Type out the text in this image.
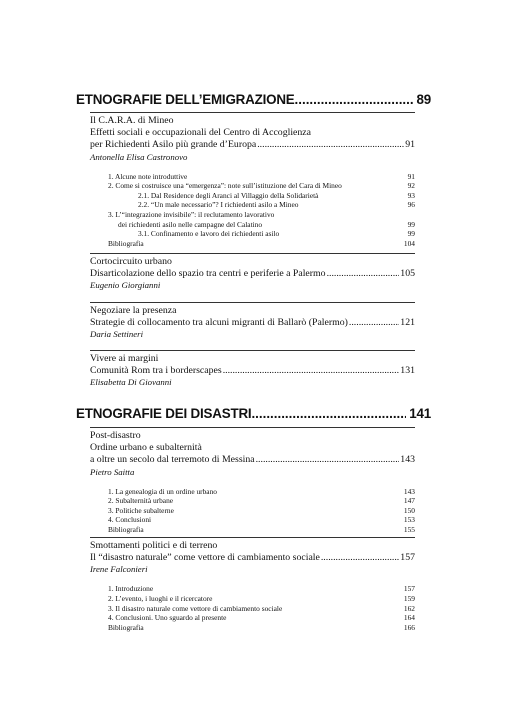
ETNOGRAFIE DELL’EMIGRAZIONE .....	89
Il C.A.R.A. di Mineo
Effetti sociali e occupazionali del Centro di Accoglienza
per Richiedenti Asilo più grande d’Europa .....	91
Antonella Elisa Castronovo
1. Alcune note introduttive	91
2. Come si costruisce una “emergenza”: note sull’istituzione del Cara di Mineo	92
2.1. Dal Residence degli Aranci al Villaggio della Solidarietà	93
2.2. “Un male necessario”? I richiedenti asilo a Mineo	96
3. L’“integrazione invisibile”: il reclutamento lavorativo
dei richiedenti asilo nelle campagne del Calatino	99
3.1. Confinamento e lavoro dei richiedenti asilo	99
Bibliografia	104
Cortocircuito urbano
Disarticolazione dello spazio tra centri e periferie a Palermo .....	105
Eugenio Giorgianni
Negoziare la presenza
Strategie di collocamento tra alcuni migranti di Ballarò (Palermo) .....	121
Daria Settineri
Vivere ai margini
Comunità Rom tra i borderscapes .....	131
Elisabetta Di Giovanni
ETNOGRAFIE DEI DISASTRI .....	141
Post-disastro
Ordine urbano e subalternità
a oltre un secolo dal terremoto di Messina .....	143
Pietro Saitta
1. La genealogia di un ordine urbano	143
2. Subalternità urbane	147
3. Politiche subalterne	150
4. Conclusioni	153
Bibliografia	155
Smottamenti politici e di terreno
Il “disastro naturale” come vettore di cambiamento sociale .....	157
Irene Falconieri
1. Introduzione	157
2. L’evento, i luoghi e il ricercatore	159
3. Il disastro naturale come vettore di cambiamento sociale	162
4. Conclusioni. Uno sguardo al presente	164
Bibliografia	166
